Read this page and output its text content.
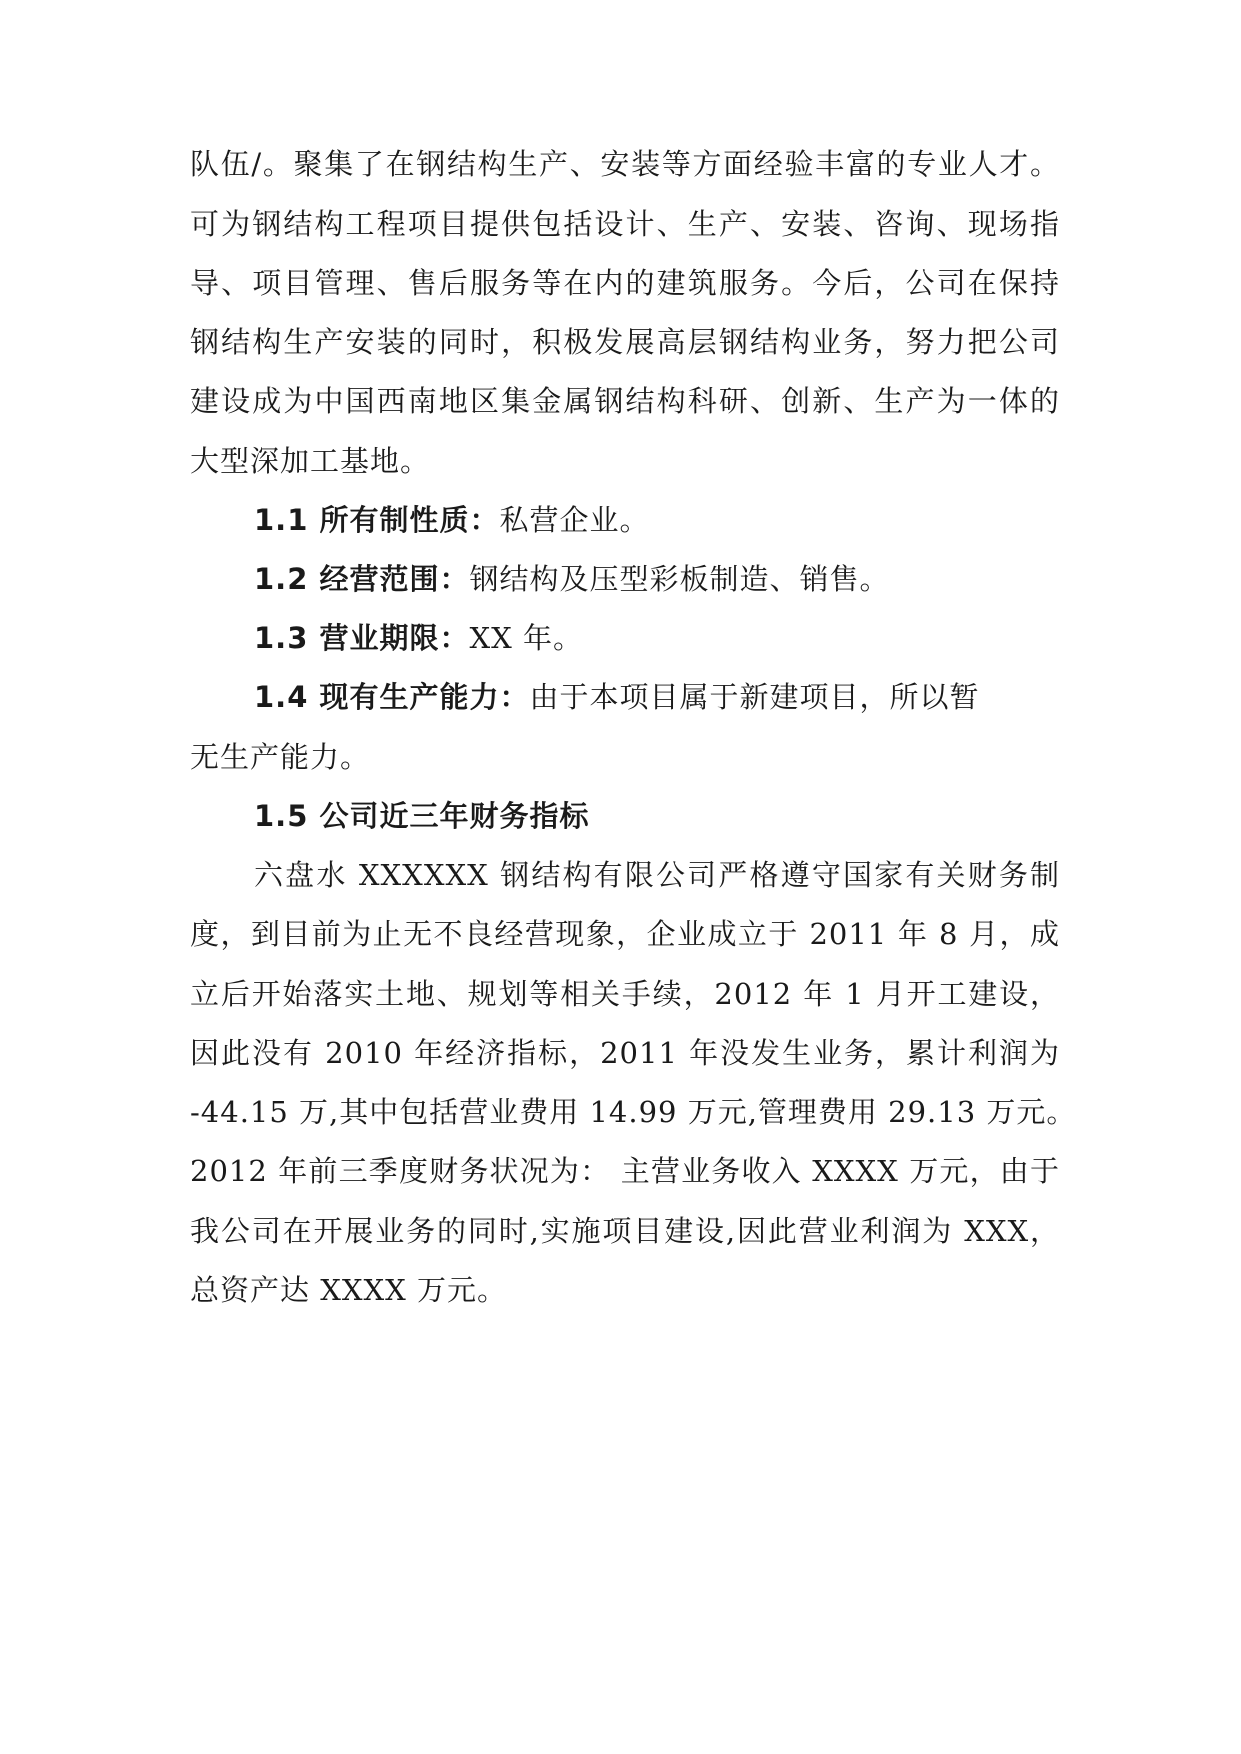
队伍/。聚集了在钢结构生产、安装等方面经验丰富的专业人才。
可为钢结构工程项目提供包括设计、生产、安装、咨询、现场指
导、项目管理、售后服务等在内的建筑服务。今后，公司在保持
钢结构生产安装的同时，积极发展高层钢结构业务，努力把公司
建设成为中国西南地区集金属钢结构科研、创新、生产为一体的
大型深加工基地。
1.1 所有制性质：私营企业。
1.2 经营范围：钢结构及压型彩板制造、销售。
1.3 营业期限：XX 年。
1.4 现有生产能力：由于本项目属于新建项目，所以暂
无生产能力。
1.5 公司近三年财务指标
六盘水 XXXXXX 钢结构有限公司严格遵守国家有关财务制
度，到目前为止无不良经营现象，企业成立于 2011 年 8 月，成
立后开始落实土地、规划等相关手续，2012 年 1 月开工建设，
因此没有 2010 年经济指标，2011 年没发生业务，累计利润为
-44.15 万,其中包括营业费用 14.99 万元,管理费用 29.13 万元。
2012 年前三季度财务状况为： 主营业务收入 XXXX 万元，由于
我公司在开展业务的同时,实施项目建设,因此营业利润为 XXX，
总资产达 XXXX 万元。
